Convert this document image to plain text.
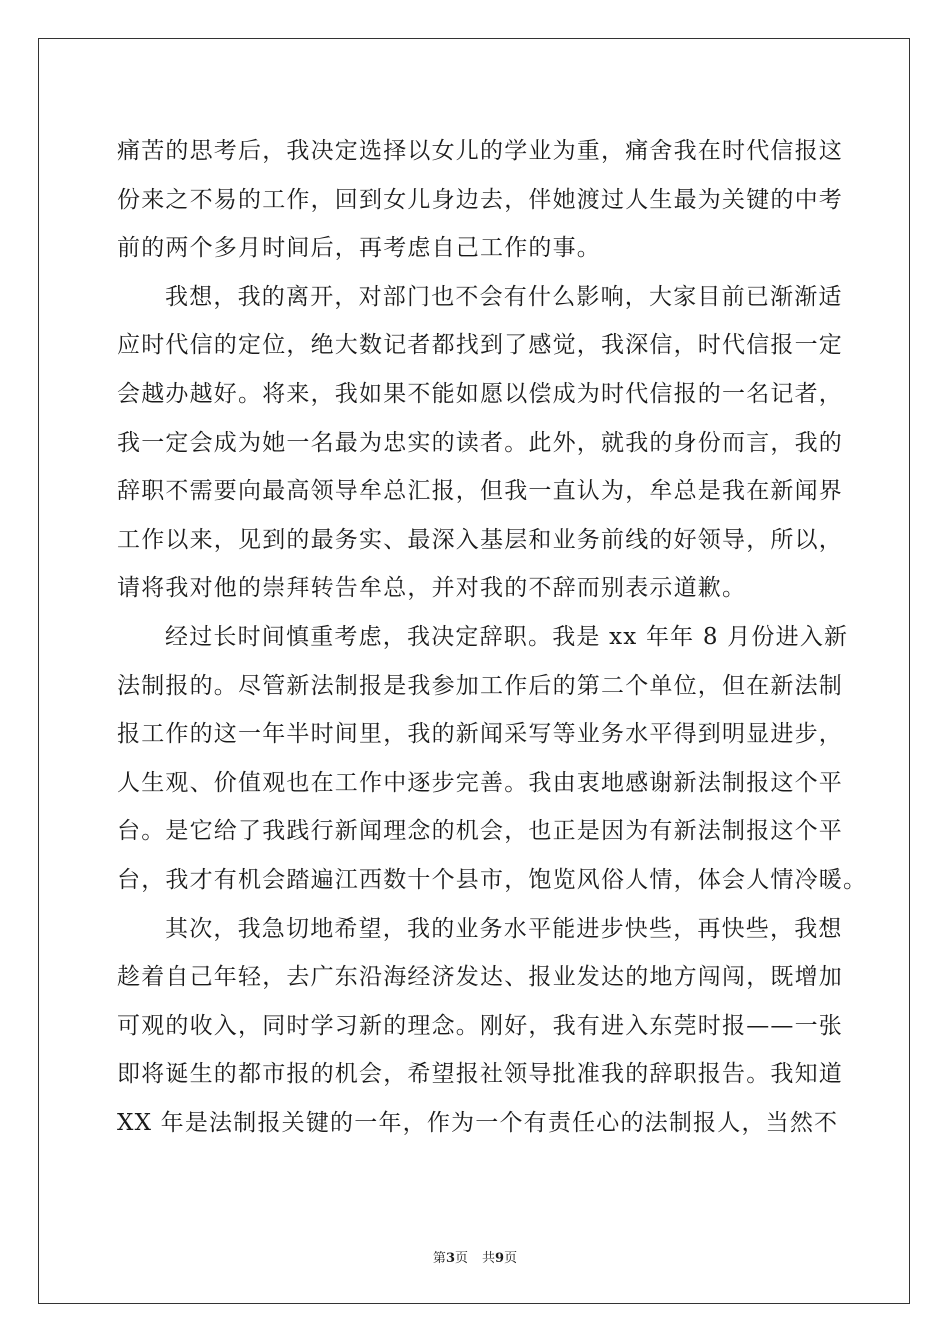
痛苦的思考后，我决定选择以女儿的学业为重，痛舍我在时代信报这
份来之不易的工作，回到女儿身边去，伴她渡过人生最为关键的中考
前的两个多月时间后，再考虑自己工作的事。
我想，我的离开，对部门也不会有什么影响，大家目前已渐渐适
应时代信的定位，绝大数记者都找到了感觉，我深信，时代信报一定
会越办越好。将来，我如果不能如愿以偿成为时代信报的一名记者，
我一定会成为她一名最为忠实的读者。此外，就我的身份而言，我的
辞职不需要向最高领导牟总汇报，但我一直认为，牟总是我在新闻界
工作以来，见到的最务实、最深入基层和业务前线的好领导，所以，
请将我对他的崇拜转告牟总，并对我的不辞而别表示道歉。
经过长时间慎重考虑，我决定辞职。我是 xx 年年 8 月份进入新
法制报的。尽管新法制报是我参加工作后的第二个单位，但在新法制
报工作的这一年半时间里，我的新闻采写等业务水平得到明显进步，
人生观、价值观也在工作中逐步完善。我由衷地感谢新法制报这个平
台。是它给了我践行新闻理念的机会，也正是因为有新法制报这个平
台，我才有机会踏遍江西数十个县市，饱览风俗人情，体会人情冷暖。
其次，我急切地希望，我的业务水平能进步快些，再快些，我想
趁着自己年轻，去广东沿海经济发达、报业发达的地方闯闯，既增加
可观的收入，同时学习新的理念。刚好，我有进入东莞时报——一张
即将诞生的都市报的机会，希望报社领导批准我的辞职报告。我知道
XX 年是法制报关键的一年，作为一个有责任心的法制报人，当然不
第3页 共9页
